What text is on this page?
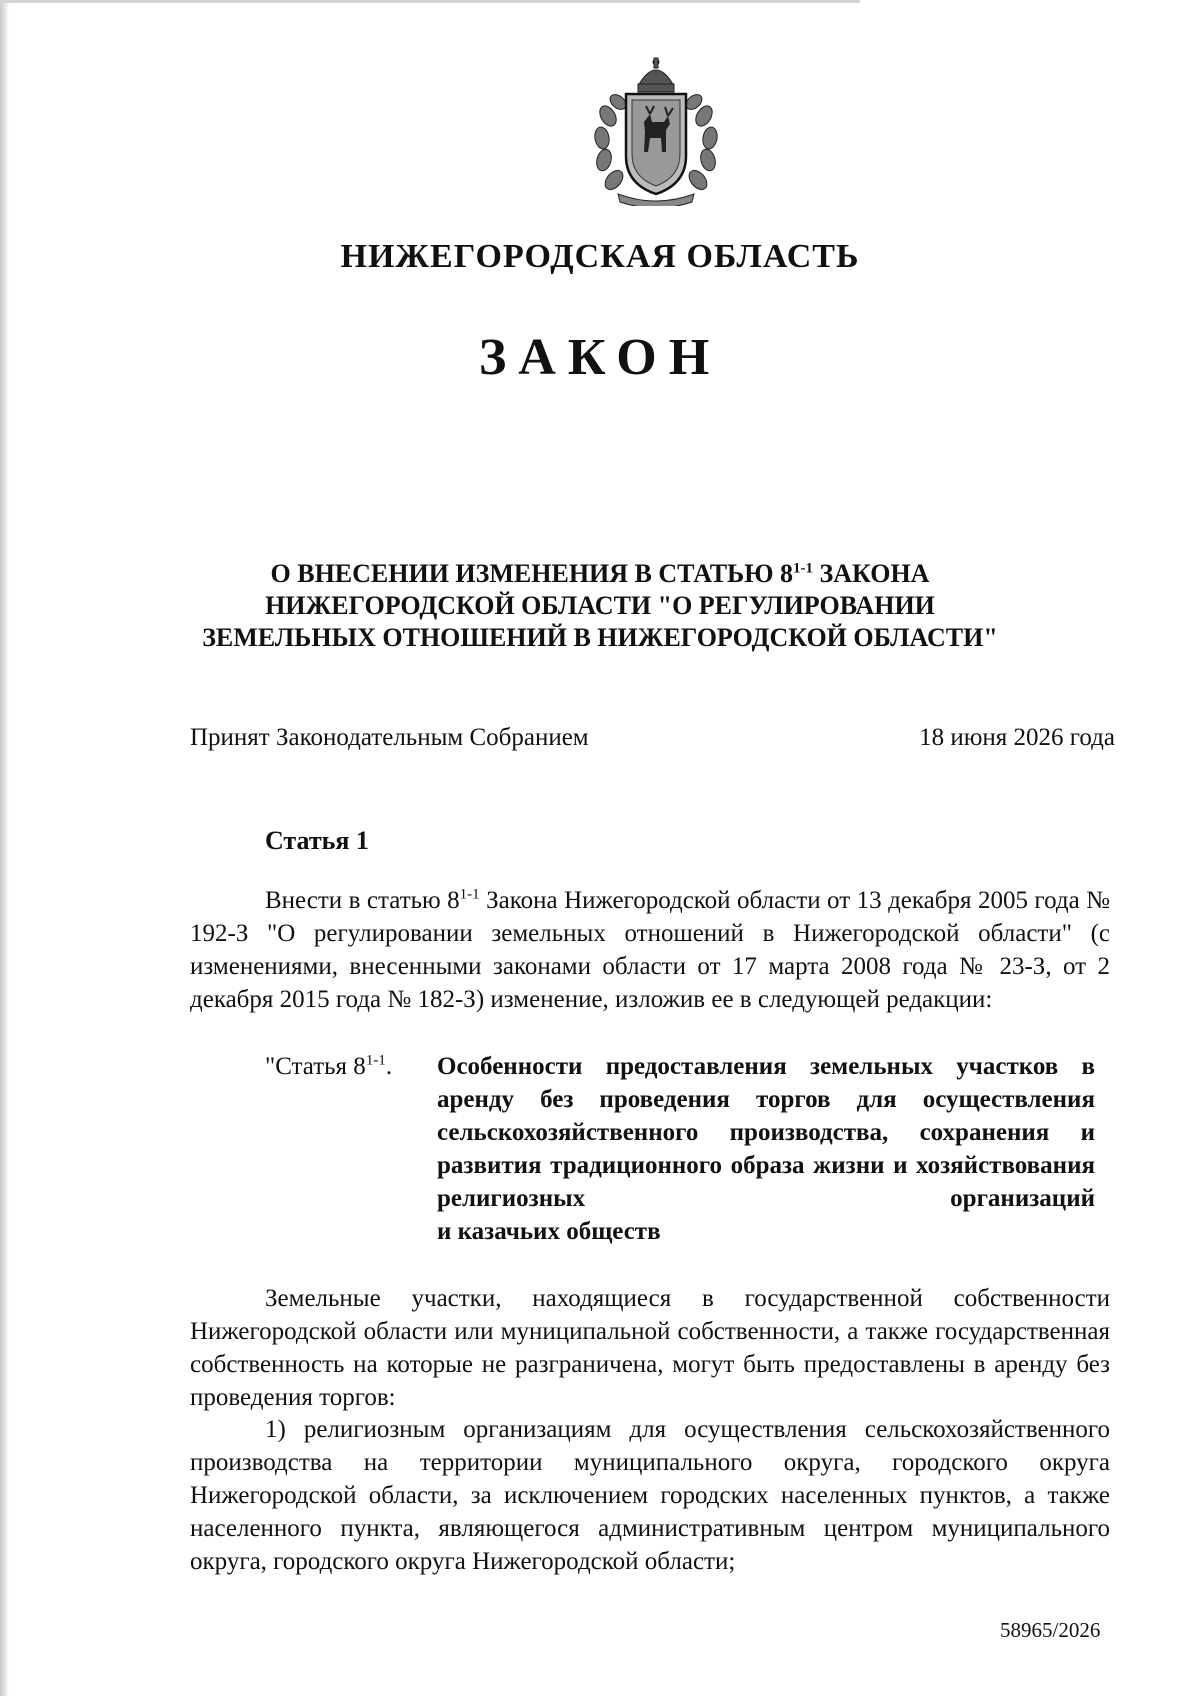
НИЖЕГОРОДСКАЯ ОБЛАСТЬ
ЗАКОН
О ВНЕСЕНИИ ИЗМЕНЕНИЯ В СТАТЬЮ 8$^{1-1}$ ЗАКОНА
НИЖЕГОРОДСКОЙ ОБЛАСТИ "О РЕГУЛИРОВАНИИ
ЗЕМЕЛЬНЫХ ОТНОШЕНИЙ В НИЖЕГОРОДСКОЙ ОБЛАСТИ"
Принят Законодательным Собранием	18 июня 2026 года
Статья 1
Внести в статью 8$^{1-1}$ Закона Нижегородской области от 13 декабря 2005 года № 192-З "О регулировании земельных отношений в Нижегородской области" (с изменениями, внесенными законами области от 17 марта 2008 года № 23-З, от 2 декабря 2015 года № 182-З) изменение, изложив ее в следующей редакции:
"Статья 8$^{1-1}$.	Особенности предоставления земельных участков в аренду без проведения торгов для осуществления сельскохозяйственного производства, сохранения и развития традиционного образа жизни и хозяйствования религиозных организаций
и казачьих обществ
Земельные участки, находящиеся в государственной собственности Нижегородской области или муниципальной собственности, а также государственная собственность на которые не разграничена, могут быть предоставлены в аренду без проведения торгов:
1) религиозным организациям для осуществления сельскохозяйственного производства на территории муниципального округа, городского округа Нижегородской области, за исключением городских населенных пунктов, а также населенного пункта, являющегося административным центром муниципального округа, городского округа Нижегородской области;
58965/2026
